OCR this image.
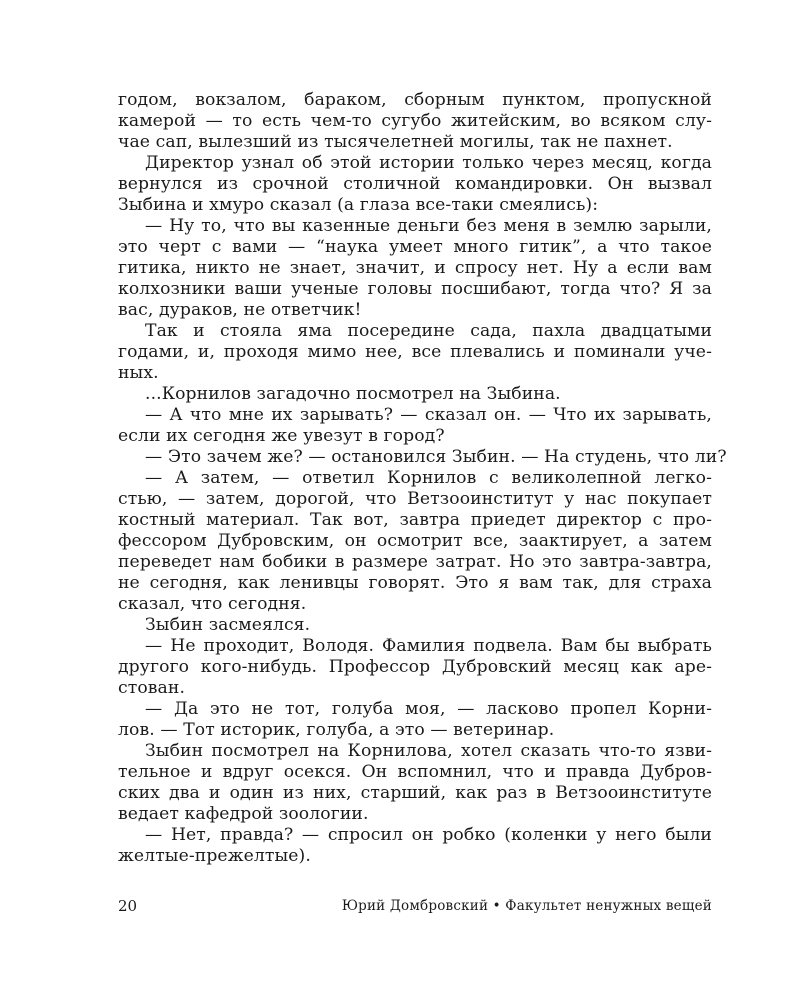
годом, вокзалом, бараком, сборным пунктом, пропускной
камерой — то есть чем-то сугубо житейским, во всяком слу-
чае сап, вылезший из тысячелетней могилы, так не пахнет.
Директор узнал об этой истории только через месяц, когда
вернулся из срочной столичной командировки. Он вызвал
Зыбина и хмуро сказал (а глаза все-таки смеялись):
— Ну то, что вы казенные деньги без меня в землю зарыли,
это черт с вами — “наука умеет много гитик”, а что такое
гитика, никто не знает, значит, и спросу нет. Ну а если вам
колхозники ваши ученые головы посшибают, тогда что? Я за
вас, дураков, не ответчик!
Так и стояла яма посередине сада, пахла двадцатыми
годами, и, проходя мимо нее, все плевались и поминали уче-
ных.
...Корнилов загадочно посмотрел на Зыбина.
— А что мне их зарывать? — сказал он. — Что их зарывать,
если их сегодня же увезут в город?
— Это зачем же? — остановился Зыбин. — На студень, что ли?
— А затем, — ответил Корнилов с великолепной легко-
стью, — затем, дорогой, что Ветзооинститут у нас покупает
костный материал. Так вот, завтра приедет директор с про-
фессором Дубровским, он осмотрит все, заактирует, а затем
переведет нам бобики в размере затрат. Но это завтра-завтра,
не сегодня, как ленивцы говорят. Это я вам так, для страха
сказал, что сегодня.
Зыбин засмеялся.
— Не проходит, Володя. Фамилия подвела. Вам бы выбрать
другого кого-нибудь. Профессор Дубровский месяц как аре-
стован.
— Да это не тот, голуба моя, — ласково пропел Корни-
лов. — Тот историк, голуба, а это — ветеринар.
Зыбин посмотрел на Корнилова, хотел сказать что-то язви-
тельное и вдруг осекся. Он вспомнил, что и правда Дубров-
ских два и один из них, старший, как раз в Ветзооинституте
ведает кафедрой зоологии.
— Нет, правда? — спросил он робко (коленки у него были
желтые-прежелтые).
20	Юрий Домбровский • Факультет ненужных вещей
